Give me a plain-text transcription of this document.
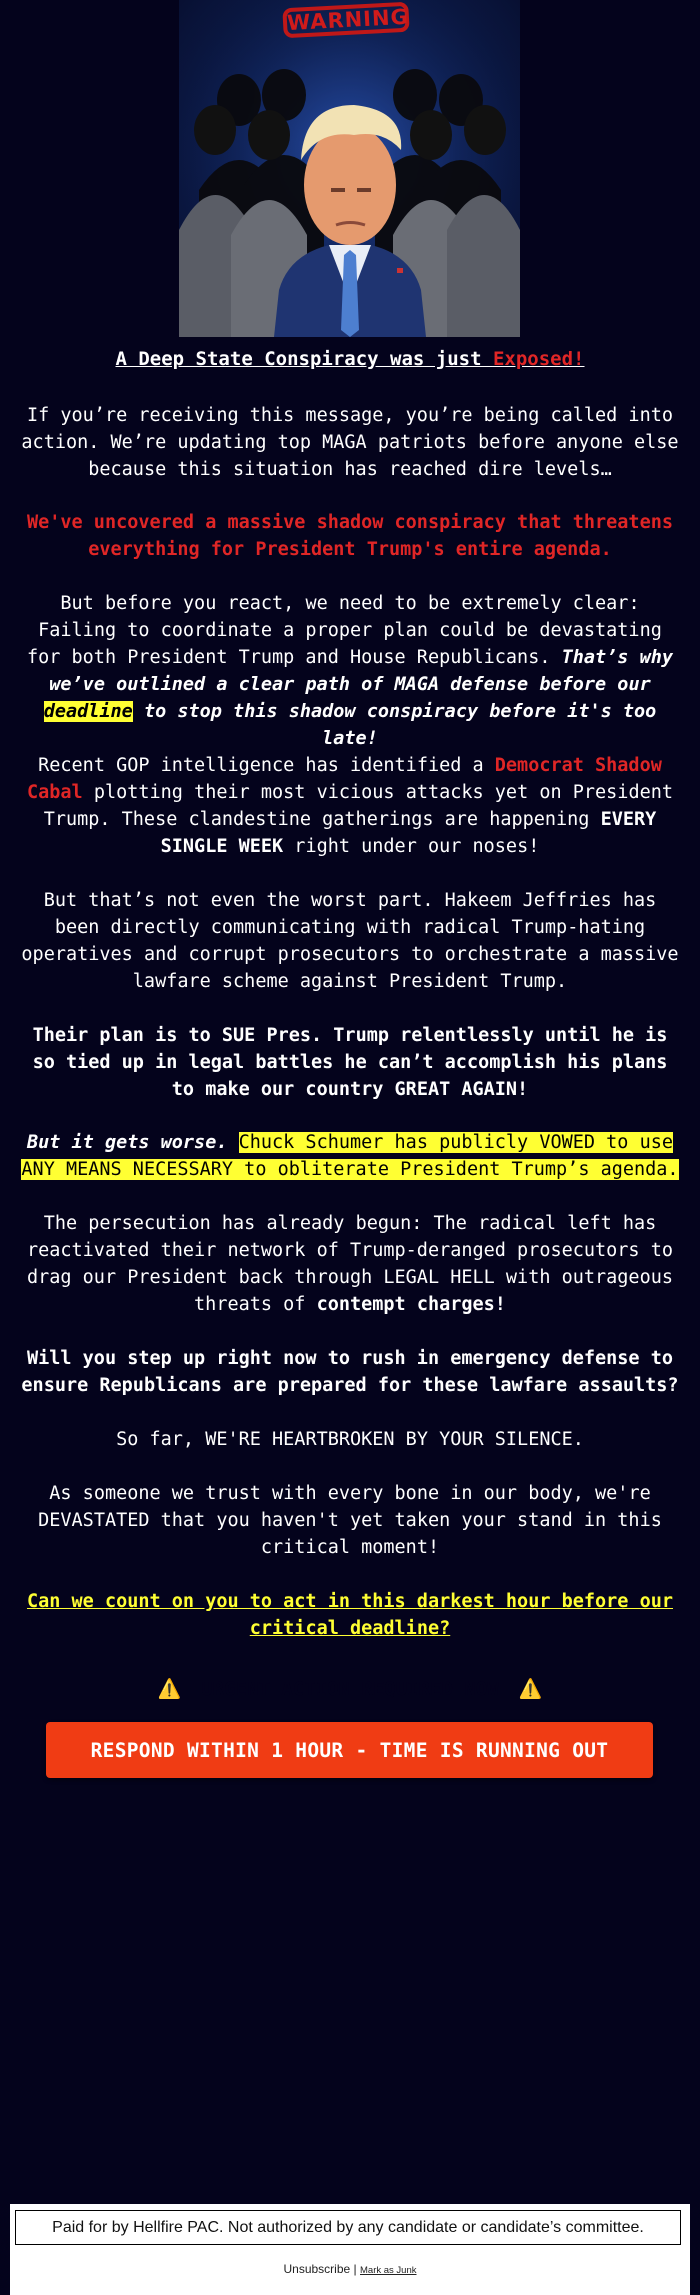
WARNING

A Deep State Conspiracy was just Exposed!

If you’re receiving this message, you’re being called into action. We’re updating top MAGA patriots before anyone else because this situation has reached dire levels…

We've uncovered a massive shadow conspiracy that threatens everything for President Trump's entire agenda.

But before you react, we need to be extremely clear: Failing to coordinate a proper plan could be devastating for both President Trump and House Republicans. That’s why we’ve outlined a clear path of MAGA defense before our deadline to stop this shadow conspiracy before it's too late!

Recent GOP intelligence has identified a Democrat Shadow Cabal plotting their most vicious attacks yet on President Trump. These clandestine gatherings are happening EVERY SINGLE WEEK right under our noses!

But that’s not even the worst part. Hakeem Jeffries has been directly communicating with radical Trump-hating operatives and corrupt prosecutors to orchestrate a massive lawfare scheme against President Trump.

Their plan is to SUE Pres. Trump relentlessly until he is so tied up in legal battles he can’t accomplish his plans to make our country GREAT AGAIN!

But it gets worse. Chuck Schumer has publicly VOWED to use ANY MEANS NECESSARY to obliterate President Trump’s agenda.

The persecution has already begun: The radical left has reactivated their network of Trump-deranged prosecutors to drag our President back through LEGAL HELL with outrageous threats of contempt charges!

Will you step up right now to rush in emergency defense to ensure Republicans are prepared for these lawfare assaults?

So far, WE'RE HEARTBROKEN BY YOUR SILENCE.

As someone we trust with every bone in our body, we're DEVASTATED that you haven't yet taken your stand in this critical moment!

Can we count on you to act in this darkest hour before our critical deadline?

⚠️ URGENT ACTION REQUIRED NOW ⚠️
RESPOND WITHIN 1 HOUR - TIME IS RUNNING OUT
Paid for by Hellfire PAC. Not authorized by any candidate or candidate’s committee.
Unsubscribe | Mark as Junk
